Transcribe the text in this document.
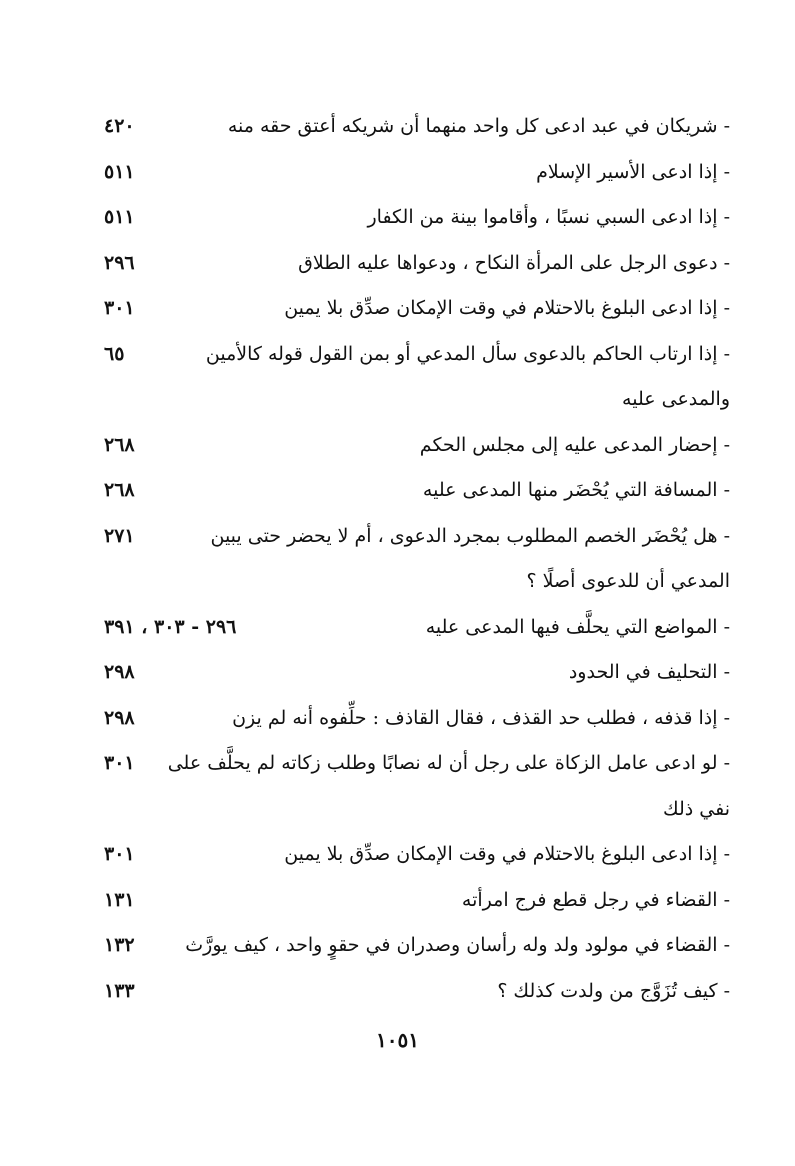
- شريكان في عبد ادعى كل واحد منهما أن شريكه أعتق حقه منه
٤٢٠
- إذا ادعى الأسير الإسلام
٥١١
- إذا ادعى السبي نسبًا ، وأقاموا بينة من الكفار
٥١١
- دعوى الرجل على المرأة النكاح ، ودعواها عليه الطلاق
٢٩٦
- إذا ادعى البلوغ بالاحتلام في وقت الإمكان صدِّق بلا يمين
٣٠١
- إذا ارتاب الحاكم بالدعوى سأل المدعي أو بمن القول قوله كالأمين
٦٥
والمدعى عليه
- إحضار المدعى عليه إلى مجلس الحكم
٢٦٨
- المسافة التي يُحْضَر منها المدعى عليه
٢٦٨
- هل يُحْضَر الخصم المطلوب بمجرد الدعوى ، أم لا يحضر حتى يبين
٢٧١
المدعي أن للدعوى أصلًا ؟
- المواضع التي يحلَّف فيها المدعى عليه
٢٩٦ - ٣٠٣ ، ٣٩١
- التحليف في الحدود
٢٩٨
- إذا قذفه ، فطلب حد القذف ، فقال القاذف : حلِّفوه أنه لم يزن
٢٩٨
- لو ادعى عامل الزكاة على رجل أن له نصابًا وطلب زكاته لم يحلَّف على
٣٠١
نفي ذلك
- إذا ادعى البلوغ بالاحتلام في وقت الإمكان صدِّق بلا يمين
٣٠١
- القضاء في رجل قطع فرج امرأته
١٣١
- القضاء في مولود ولد وله رأسان وصدران في حقوٍ واحد ، كيف يورَّث
١٣٢
- كيف تُزَوَّج من ولدت كذلك ؟
١٣٣
١٠٥١
